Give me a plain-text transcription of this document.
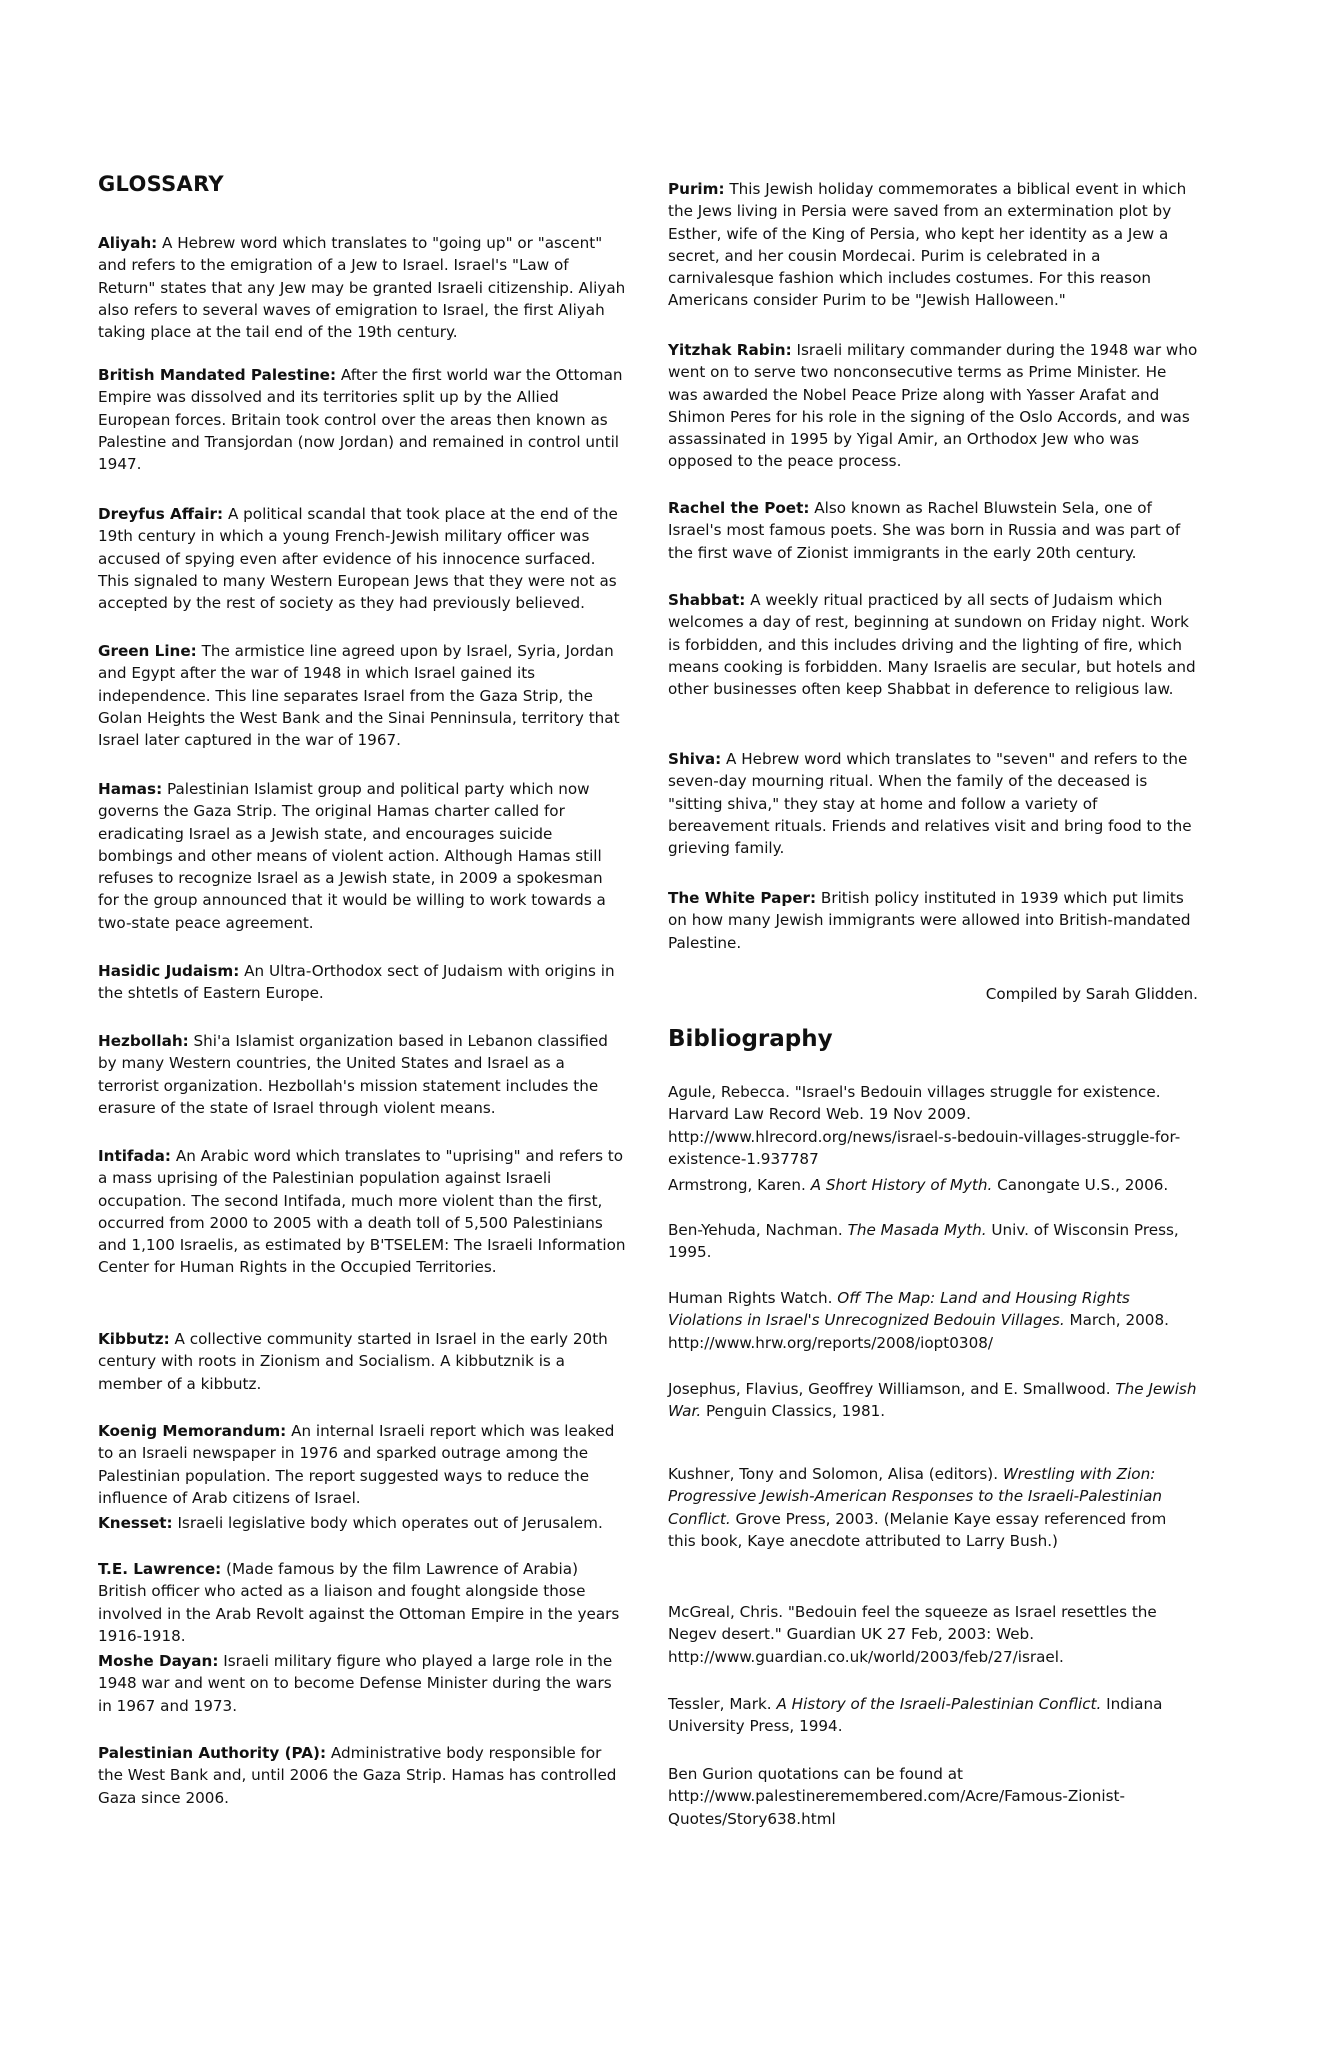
GLOSSARY

Aliyah: A Hebrew word which translates to "going up" or "ascent" and refers to the emigration of a Jew to Israel. Israel's "Law of Return" states that any Jew may be granted Israeli citizenship. Aliyah also refers to several waves of emigration to Israel, the first Aliyah taking place at the tail end of the 19th century.

British Mandated Palestine: After the first world war the Ottoman Empire was dissolved and its territories split up by the Allied European forces. Britain took control over the areas then known as Palestine and Transjordan (now Jordan) and remained in control until 1947.

Dreyfus Affair: A political scandal that took place at the end of the 19th century in which a young French-Jewish military officer was accused of spying even after evidence of his innocence surfaced. This signaled to many Western European Jews that they were not as accepted by the rest of society as they had previously believed.

Green Line: The armistice line agreed upon by Israel, Syria, Jordan and Egypt after the war of 1948 in which Israel gained its independence. This line separates Israel from the Gaza Strip, the Golan Heights the West Bank and the Sinai Penninsula, territory that Israel later captured in the war of 1967.

Hamas: Palestinian Islamist group and political party which now governs the Gaza Strip. The original Hamas charter called for eradicating Israel as a Jewish state, and encourages suicide bombings and other means of violent action. Although Hamas still refuses to recognize Israel as a Jewish state, in 2009 a spokesman for the group announced that it would be willing to work towards a two-state peace agreement.

Hasidic Judaism: An Ultra-Orthodox sect of Judaism with origins in the shtetls of Eastern Europe.

Hezbollah: Shi'a Islamist organization based in Lebanon classified by many Western countries, the United States and Israel as a terrorist organization. Hezbollah's mission statement includes the erasure of the state of Israel through violent means.

Intifada: An Arabic word which translates to "uprising" and refers to a mass uprising of the Palestinian population against Israeli occupation. The second Intifada, much more violent than the first, occurred from 2000 to 2005 with a death toll of 5,500 Palestinians and 1,100 Israelis, as estimated by B'TSELEM: The Israeli Information Center for Human Rights in the Occupied Territories.

Kibbutz: A collective community started in Israel in the early 20th century with roots in Zionism and Socialism. A kibbutznik is a member of a kibbutz.

Koenig Memorandum: An internal Israeli report which was leaked to an Israeli newspaper in 1976 and sparked outrage among the Palestinian population. The report suggested ways to reduce the influence of Arab citizens of Israel.

Knesset: Israeli legislative body which operates out of Jerusalem.

T.E. Lawrence: (Made famous by the film Lawrence of Arabia) British officer who acted as a liaison and fought alongside those involved in the Arab Revolt against the Ottoman Empire in the years 1916-1918.

Moshe Dayan: Israeli military figure who played a large role in the 1948 war and went on to become Defense Minister during the wars in 1967 and 1973.

Palestinian Authority (PA): Administrative body responsible for the West Bank and, until 2006 the Gaza Strip. Hamas has controlled Gaza since 2006.

Purim: This Jewish holiday commemorates a biblical event in which the Jews living in Persia were saved from an extermination plot by Esther, wife of the King of Persia, who kept her identity as a Jew a secret, and her cousin Mordecai. Purim is celebrated in a carnivalesque fashion which includes costumes. For this reason Americans consider Purim to be "Jewish Halloween."

Yitzhak Rabin: Israeli military commander during the 1948 war who went on to serve two nonconsecutive terms as Prime Minister. He was awarded the Nobel Peace Prize along with Yasser Arafat and Shimon Peres for his role in the signing of the Oslo Accords, and was assassinated in 1995 by Yigal Amir, an Orthodox Jew who was opposed to the peace process.

Rachel the Poet: Also known as Rachel Bluwstein Sela, one of Israel's most famous poets. She was born in Russia and was part of the first wave of Zionist immigrants in the early 20th century.

Shabbat: A weekly ritual practiced by all sects of Judaism which welcomes a day of rest, beginning at sundown on Friday night. Work is forbidden, and this includes driving and the lighting of fire, which means cooking is forbidden. Many Israelis are secular, but hotels and other businesses often keep Shabbat in deference to religious law.

Shiva: A Hebrew word which translates to "seven" and refers to the seven-day mourning ritual. When the family of the deceased is "sitting shiva," they stay at home and follow a variety of bereavement rituals. Friends and relatives visit and bring food to the grieving family.

The White Paper: British policy instituted in 1939 which put limits on how many Jewish immigrants were allowed into British-mandated Palestine.

Compiled by Sarah Glidden.
Bibliography

Agule, Rebecca. "Israel's Bedouin villages struggle for existence. Harvard Law Record Web. 19 Nov 2009. http://www.hlrecord.org/news/israel-s-bedouin-villages-struggle-for-existence-1.937787

Armstrong, Karen. A Short History of Myth. Canongate U.S., 2006.

Ben-Yehuda, Nachman. The Masada Myth. Univ. of Wisconsin Press, 1995.

Human Rights Watch. Off The Map: Land and Housing Rights Violations in Israel's Unrecognized Bedouin Villages. March, 2008. http://www.hrw.org/reports/2008/iopt0308/

Josephus, Flavius, Geoffrey Williamson, and E. Smallwood. The Jewish War. Penguin Classics, 1981.

Kushner, Tony and Solomon, Alisa (editors). Wrestling with Zion: Progressive Jewish-American Responses to the Israeli-Palestinian Conflict. Grove Press, 2003. (Melanie Kaye essay referenced from this book, Kaye anecdote attributed to Larry Bush.)

McGreal, Chris. "Bedouin feel the squeeze as Israel resettles the Negev desert." Guardian UK 27 Feb, 2003: Web. http://www.guardian.co.uk/world/2003/feb/27/israel.

Tessler, Mark. A History of the Israeli-Palestinian Conflict. Indiana University Press, 1994.

Ben Gurion quotations can be found at http://www.palestineremembered.com/Acre/Famous-Zionist-Quotes/Story638.html
